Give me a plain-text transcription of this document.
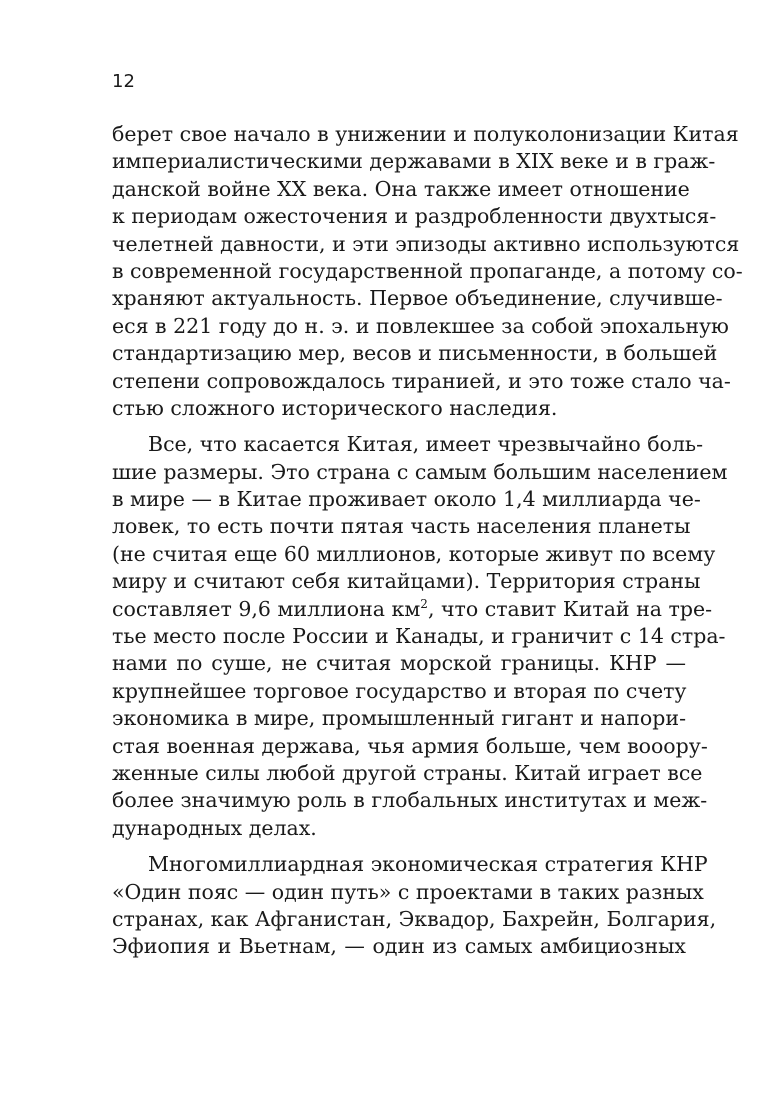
12
берет свое начало в унижении и полуколонизации Китая
империалистическими державами в XIX веке и в граж-
данской войне XX века. Она также имеет отношение
к периодам ожесточения и раздробленности двухтыся-
челетней давности, и эти эпизоды активно используются
в современной государственной пропаганде, а потому со-
храняют актуальность. Первое объединение, случивше-
еся в 221 году до н. э. и повлекшее за собой эпохальную
стандартизацию мер, весов и письменности, в большей
степени сопровождалось тиранией, и это тоже стало ча-
стью сложного исторического наследия.
Все, что касается Китая, имеет чрезвычайно боль-
шие размеры. Это страна с самым большим населением
в мире — в Китае проживает около 1,4 миллиарда че-
ловек, то есть почти пятая часть населения планеты
(не считая еще 60 миллионов, которые живут по всему
миру и считают себя китайцами). Территория страны
составляет 9,6 миллиона $км^2$, что ставит Китай на тре-
тье место после России и Канады, и граничит с 14 стра-
нами по суше, не считая морской границы. КНР —
крупнейшее торговое государство и вторая по счету
экономика в мире, промышленный гигант и напори-
стая военная держава, чья армия больше, чем вооору-
женные силы любой другой страны. Китай играет все
более значимую роль в глобальных институтах и меж-
дународных делах.
Многомиллиардная экономическая стратегия КНР
«Один пояс — один путь» с проектами в таких разных
странах, как Афганистан, Эквадор, Бахрейн, Болгария,
Эфиопия и Вьетнам, — один из самых амбициозных
